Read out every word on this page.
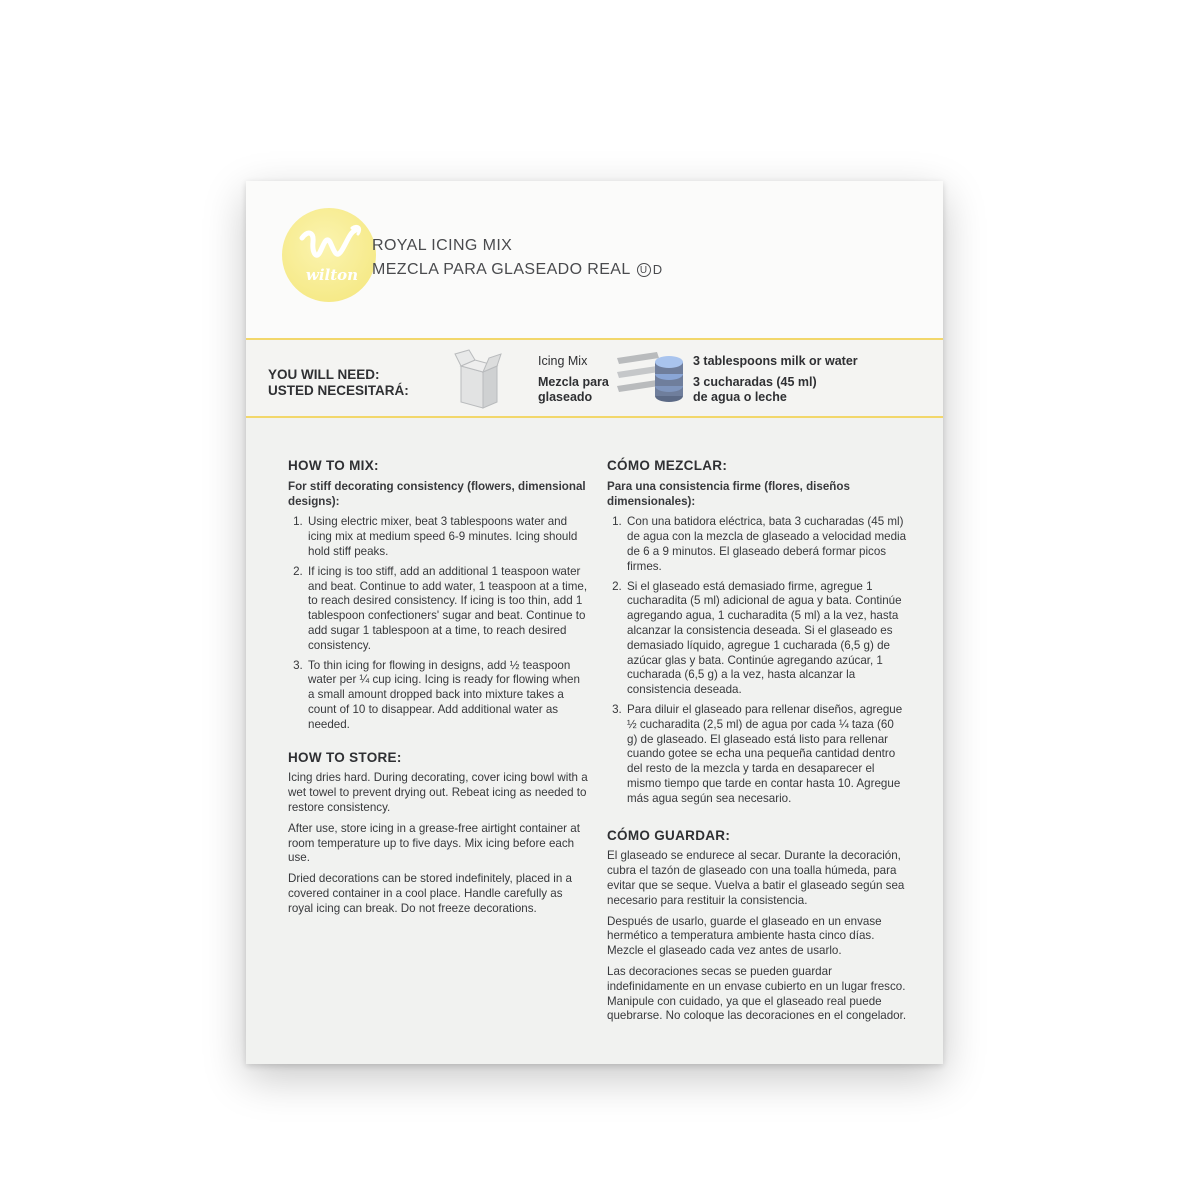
wilton
ROYAL ICING MIX
MEZCLA PARA GLASEADO REAL U D
YOU WILL NEED:
USTED NECESITARÁ:
Icing Mix
Mezcla para glaseado
3 tablespoons milk or water
3 cucharadas (45 ml) de agua o leche
HOW TO MIX:
For stiff decorating consistency (flowers, dimensional designs):
1. Using electric mixer, beat 3 tablespoons water and icing mix at medium speed 6-9 minutes. Icing should hold stiff peaks.
2. If icing is too stiff, add an additional 1 teaspoon water and beat. Continue to add water, 1 teaspoon at a time, to reach desired consistency. If icing is too thin, add 1 tablespoon confectioners' sugar and beat. Continue to add sugar 1 tablespoon at a time, to reach desired consistency.
3. To thin icing for flowing in designs, add ½ teaspoon water per ¼ cup icing. Icing is ready for flowing when a small amount dropped back into mixture takes a count of 10 to disappear. Add additional water as needed.
HOW TO STORE:

Icing dries hard. During decorating, cover icing bowl with a wet towel to prevent drying out. Rebeat icing as needed to restore consistency.

After use, store icing in a grease-free airtight container at room temperature up to five days. Mix icing before each use.

Dried decorations can be stored indefinitely, placed in a covered container in a cool place. Handle carefully as royal icing can break. Do not freeze decorations.

CÓMO MEZCLAR:
Para una consistencia firme (flores, diseños dimensionales):
1. Con una batidora eléctrica, bata 3 cucharadas (45 ml) de agua con la mezcla de glaseado a velocidad media de 6 a 9 minutos. El glaseado deberá formar picos firmes.
2. Si el glaseado está demasiado firme, agregue 1 cucharadita (5 ml) adicional de agua y bata. Continúe agregando agua, 1 cucharadita (5 ml) a la vez, hasta alcanzar la consistencia deseada. Si el glaseado es demasiado líquido, agregue 1 cucharada (6,5 g) de azúcar glas y bata. Continúe agregando azúcar, 1 cucharada (6,5 g) a la vez, hasta alcanzar la consistencia deseada.
3. Para diluir el glaseado para rellenar diseños, agregue ½ cucharadita (2,5 ml) de agua por cada ¼ taza (60 g) de glaseado. El glaseado está listo para rellenar cuando gotee se echa una pequeña cantidad dentro del resto de la mezcla y tarda en desaparecer el mismo tiempo que tarde en contar hasta 10. Agregue más agua según sea necesario.
CÓMO GUARDAR:

El glaseado se endurece al secar. Durante la decoración, cubra el tazón de glaseado con una toalla húmeda, para evitar que se seque. Vuelva a batir el glaseado según sea necesario para restituir la consistencia.

Después de usarlo, guarde el glaseado en un envase hermético a temperatura ambiente hasta cinco días. Mezcle el glaseado cada vez antes de usarlo.

Las decoraciones secas se pueden guardar indefinidamente en un envase cubierto en un lugar fresco. Manipule con cuidado, ya que el glaseado real puede quebrarse. No coloque las decoraciones en el congelador.
